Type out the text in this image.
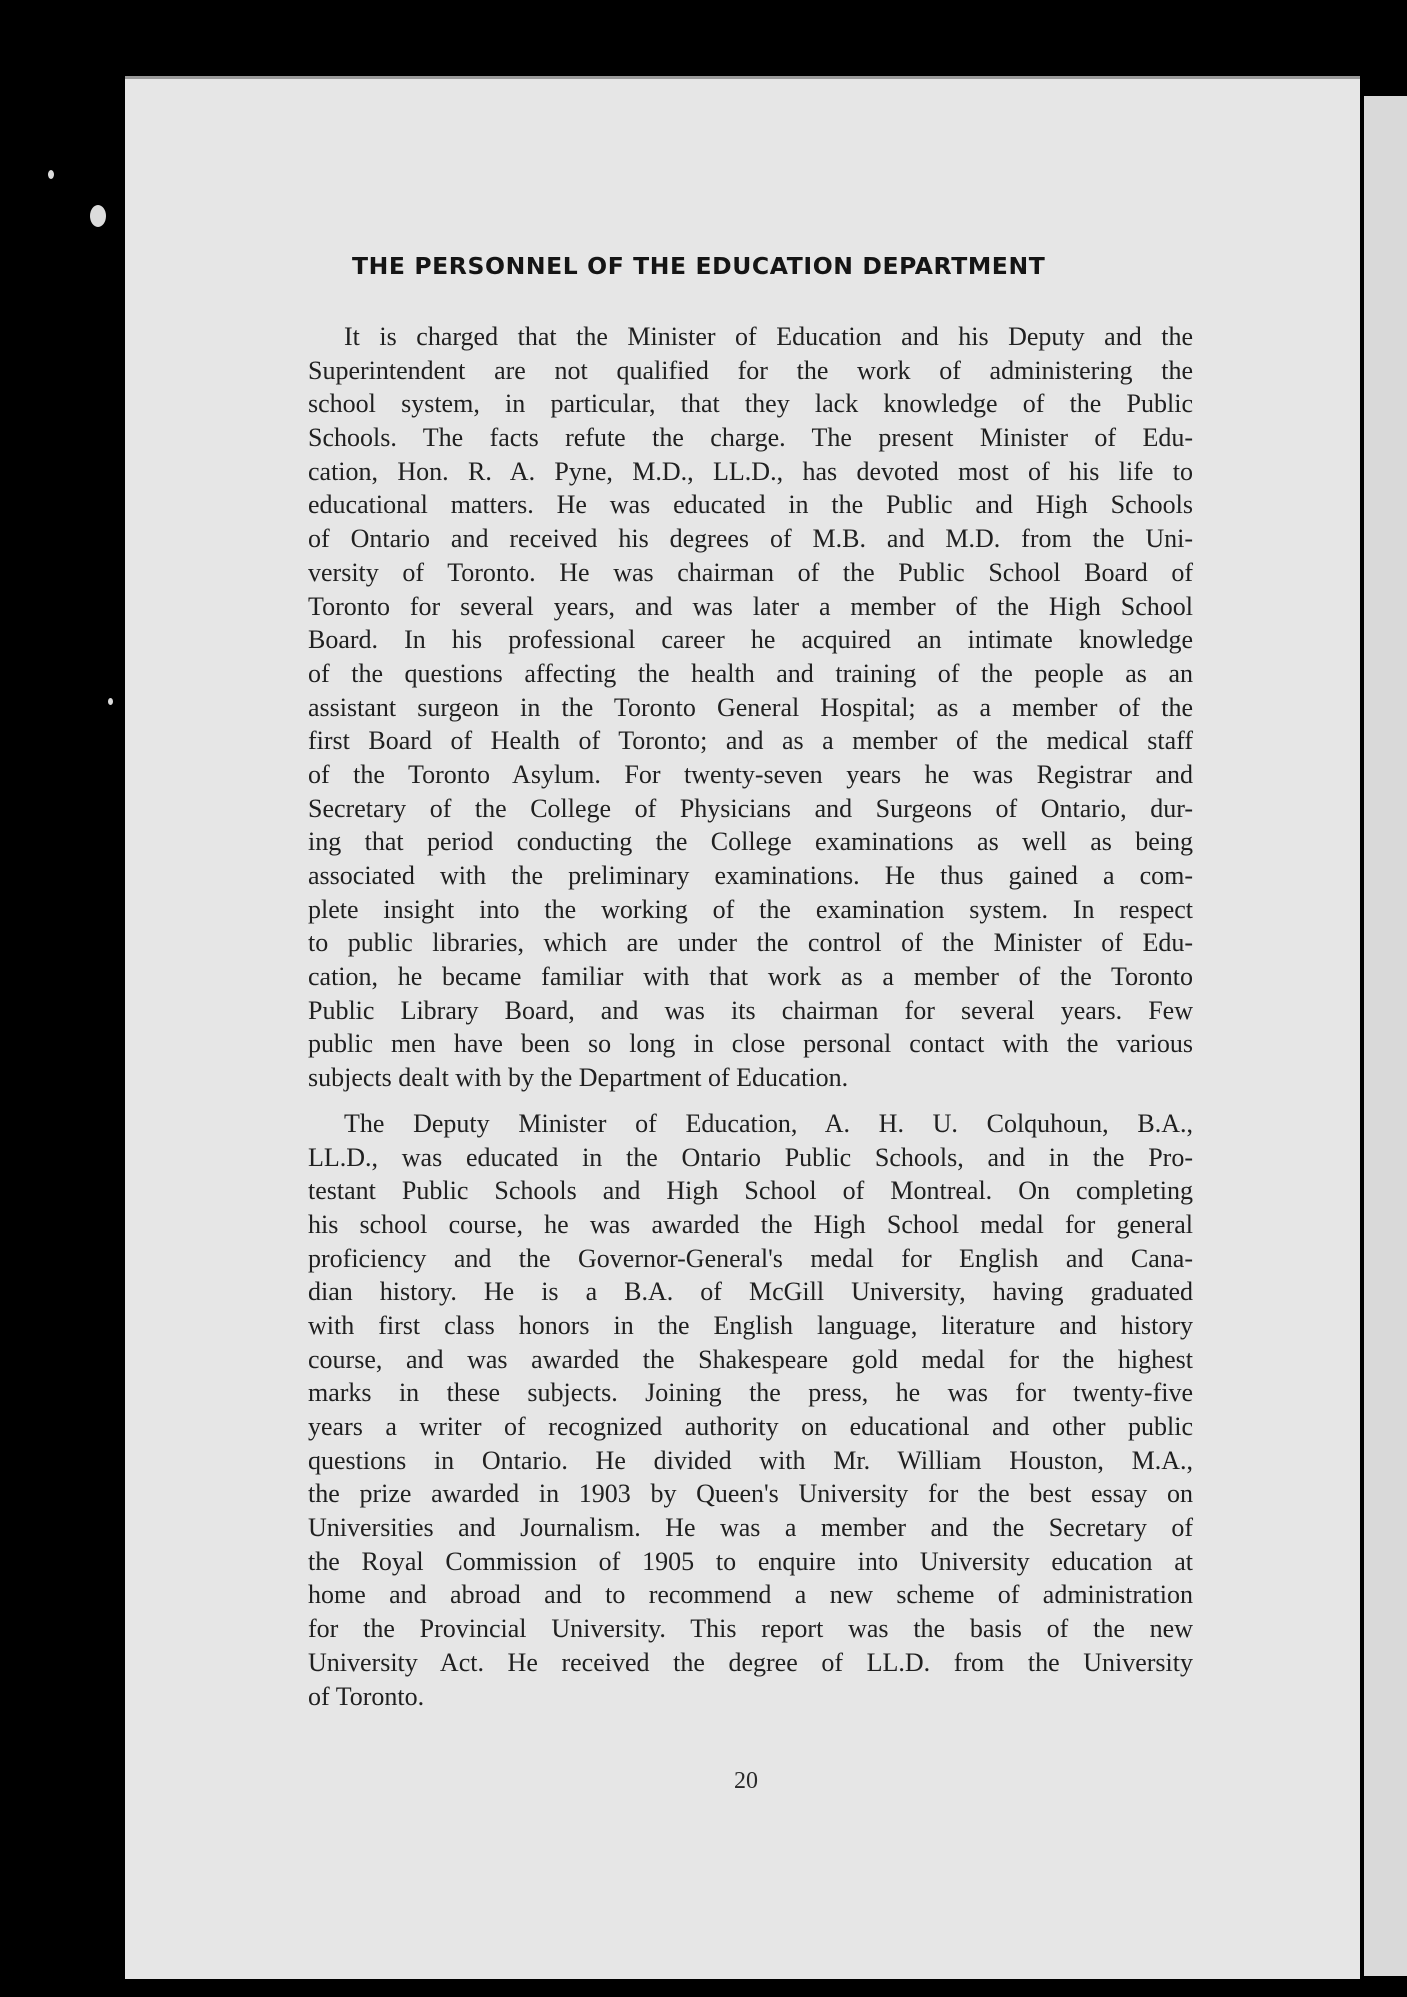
THE PERSONNEL OF THE EDUCATION DEPARTMENT
It is charged that the Minister of Education and his Deputy and the
Superintendent are not qualified for the work of administering the
school system, in particular, that they lack knowledge of the Public
Schools. The facts refute the charge. The present Minister of Edu-
cation, Hon. R. A. Pyne, M.D., LL.D., has devoted most of his life to
educational matters. He was educated in the Public and High Schools
of Ontario and received his degrees of M.B. and M.D. from the Uni-
versity of Toronto. He was chairman of the Public School Board of
Toronto for several years, and was later a member of the High School
Board. In his professional career he acquired an intimate knowledge
of the questions affecting the health and training of the people as an
assistant surgeon in the Toronto General Hospital; as a member of the
first Board of Health of Toronto; and as a member of the medical staff
of the Toronto Asylum. For twenty-seven years he was Registrar and
Secretary of the College of Physicians and Surgeons of Ontario, dur-
ing that period conducting the College examinations as well as being
associated with the preliminary examinations. He thus gained a com-
plete insight into the working of the examination system. In respect
to public libraries, which are under the control of the Minister of Edu-
cation, he became familiar with that work as a member of the Toronto
Public Library Board, and was its chairman for several years. Few
public men have been so long in close personal contact with the various
subjects dealt with by the Department of Education.
The Deputy Minister of Education, A. H. U. Colquhoun, B.A.,
LL.D., was educated in the Ontario Public Schools, and in the Pro-
testant Public Schools and High School of Montreal. On completing
his school course, he was awarded the High School medal for general
proficiency and the Governor-General's medal for English and Cana-
dian history. He is a B.A. of McGill University, having graduated
with first class honors in the English language, literature and history
course, and was awarded the Shakespeare gold medal for the highest
marks in these subjects. Joining the press, he was for twenty-five
years a writer of recognized authority on educational and other public
questions in Ontario. He divided with Mr. William Houston, M.A.,
the prize awarded in 1903 by Queen's University for the best essay on
Universities and Journalism. He was a member and the Secretary of
the Royal Commission of 1905 to enquire into University education at
home and abroad and to recommend a new scheme of administration
for the Provincial University. This report was the basis of the new
University Act. He received the degree of LL.D. from the University
of Toronto.
20
